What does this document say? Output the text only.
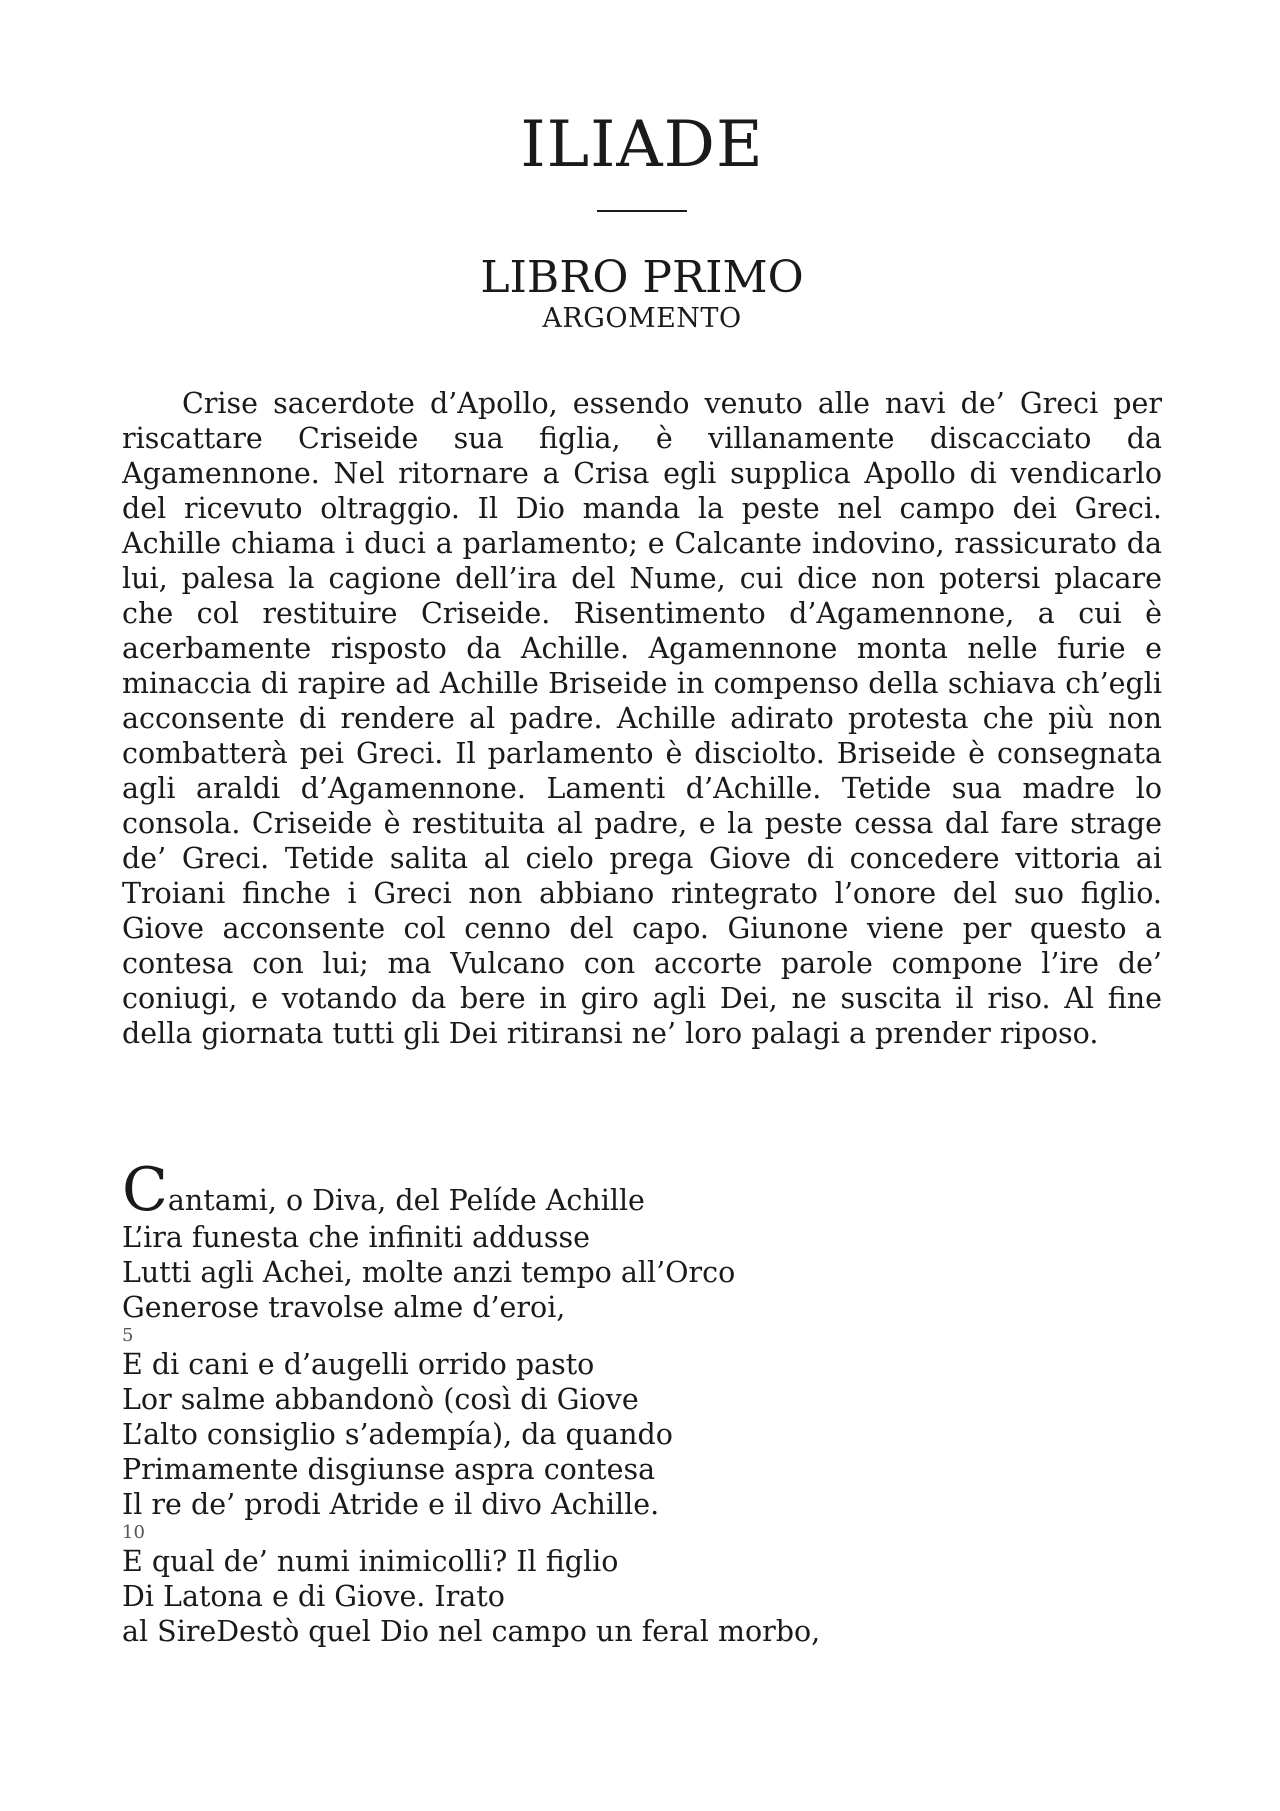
ILIADE
LIBRO PRIMO
ARGOMENTO

Crise sacerdote d’Apollo, essendo venuto alle navi de’ Greci per riscattare Criseide sua figlia, è villanamente discacciato da Agamennone. Nel ritornare a Crisa egli supplica Apollo di vendicarlo del ricevuto oltraggio. Il Dio manda la peste nel campo dei Greci. Achille chiama i duci a parlamento; e Calcante indovino, rassicurato da lui, palesa la cagione dell’ira del Nume, cui dice non potersi placare che col restituire Criseide. Risentimento d’Agamennone, a cui è acerbamente risposto da Achille. Agamennone monta nelle furie e minaccia di rapire ad Achille Briseide in compenso della schiava ch’egli acconsente di rendere al padre. Achille adirato protesta che più non combatterà pei Greci. Il parlamento è disciolto. Briseide è consegnata agli araldi d’Agamennone. Lamenti d’Achille. Tetide sua madre lo consola. Criseide è restituita al padre, e la peste cessa dal fare strage de’ Greci. Tetide salita al cielo prega Giove di concedere vittoria ai Troiani finche i Greci non abbiano rintegrato l’onore del suo figlio. Giove acconsente col cenno del capo. Giunone viene per questo a contesa con lui; ma Vulcano con accorte parole compone l’ire de’ coniugi, e votando da bere in giro agli Dei, ne suscita il riso. Al fine della giornata tutti gli Dei ritiransi ne’ loro palagi a prender riposo.

Cantami, o Diva, del Pelíde Achille
L’ira funesta che infiniti addusse
Lutti agli Achei, molte anzi tempo all’Orco
Generose travolse alme d’eroi,
5
E di cani e d’augelli orrido pasto
Lor salme abbandonò (così di Giove
L’alto consiglio s’adempía), da quando
Primamente disgiunse aspra contesa
Il re de’ prodi Atride e il divo Achille.
10
E qual de’ numi inimicolli? Il figlio
Di Latona e di Giove. Irato
al SireDestò quel Dio nel campo un feral morbo,
